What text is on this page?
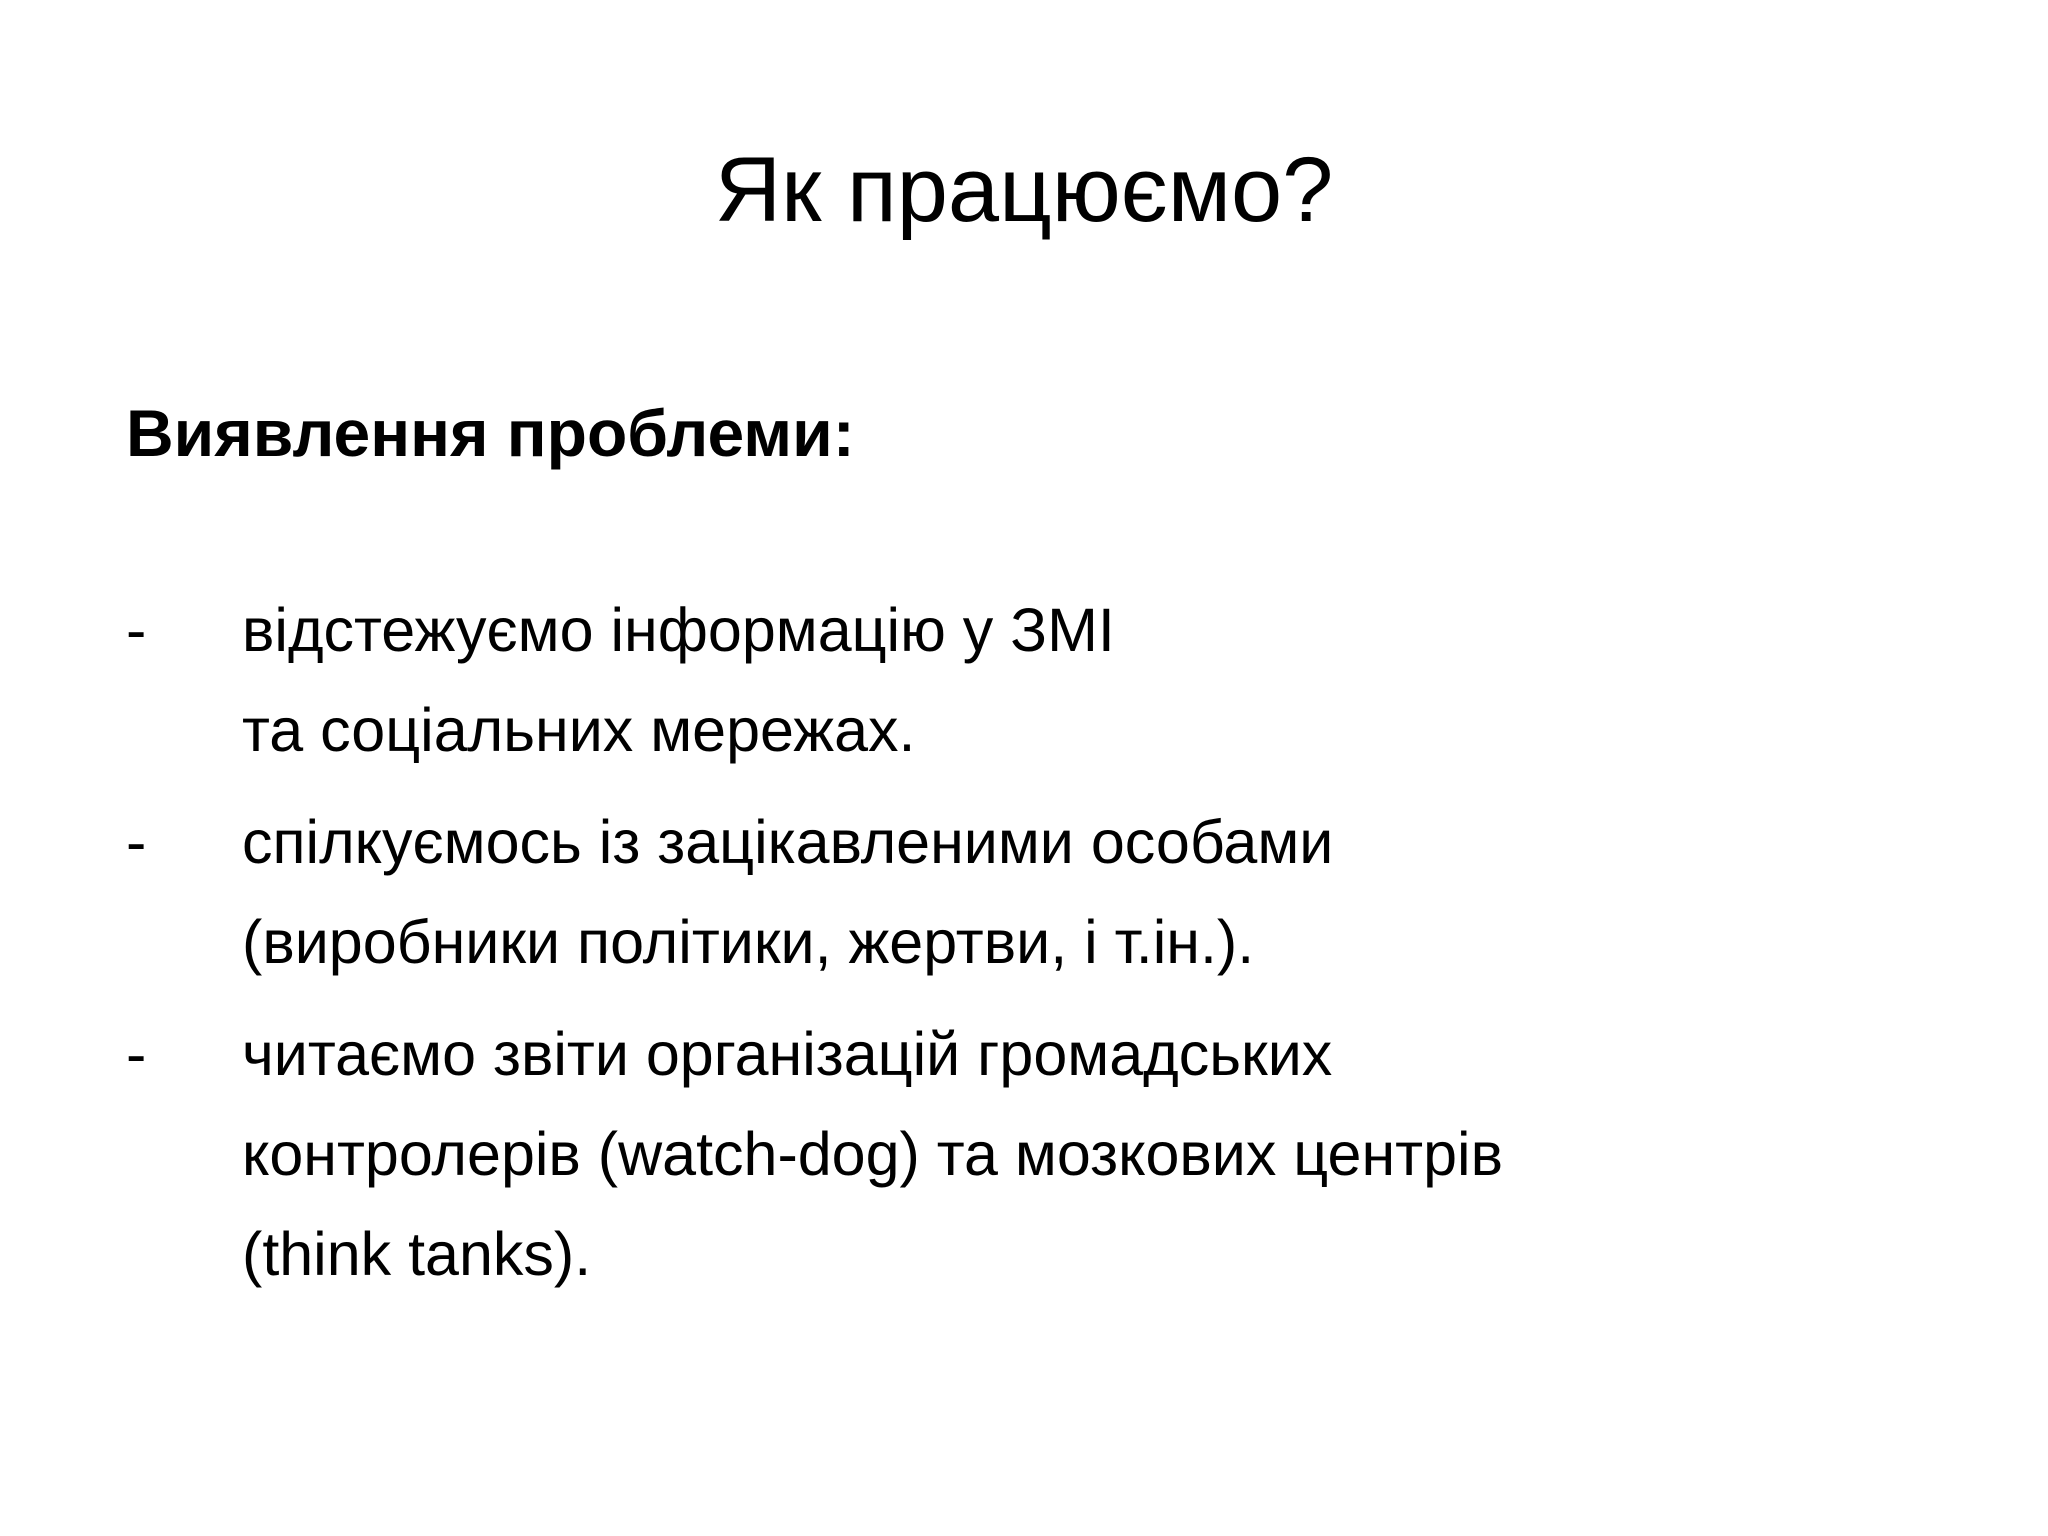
Як працюємо?
Виявлення проблеми:
-	відстежуємо інформацію у ЗМІ
та соціальних мережах.
-	спілкуємось із зацікавленими особами
(виробники політики, жертви, і т.ін.).
-	читаємо звіти організацій громадських
контролерів (watch-dog) та мозкових центрів
(think tanks).
